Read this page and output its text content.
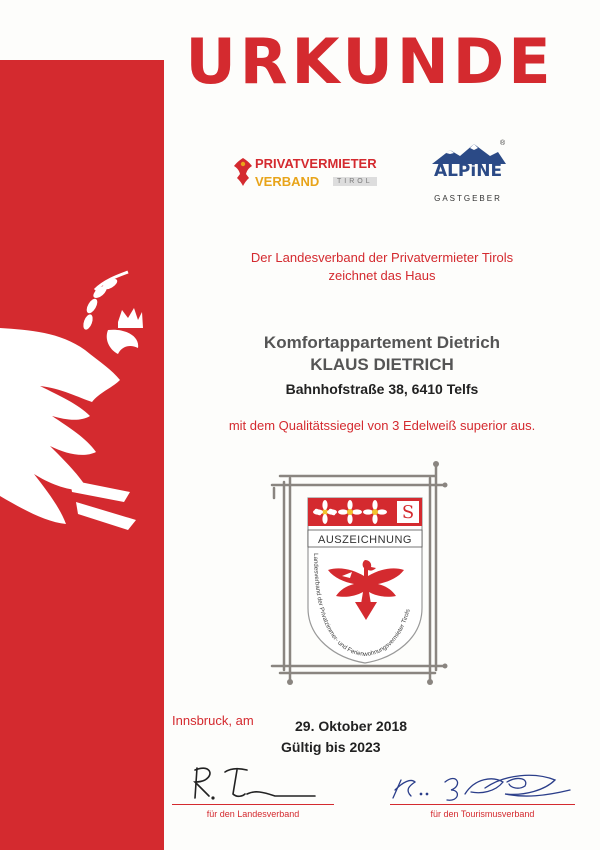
URKUNDE
PRIVATVERMIETER
VERBAND	TIROL
®
ALPiNE
GASTGEBER
Der Landesverband der Privatvermieter Tirols
zeichnet das Haus
Komfortappartement Dietrich
KLAUS DIETRICH
Bahnhofstraße 38, 6410 Telfs
mit dem Qualitätssiegel von 3 Edelweiß superior aus.
S
AUSZEICHNUNG
Landesverband der Privatzimmer- und Ferienwohnungsvermieter Tirols
Innsbruck, am	29. Oktober 2018
Gültig bis 2023
für den Landesverband	für den Tourismusverband
